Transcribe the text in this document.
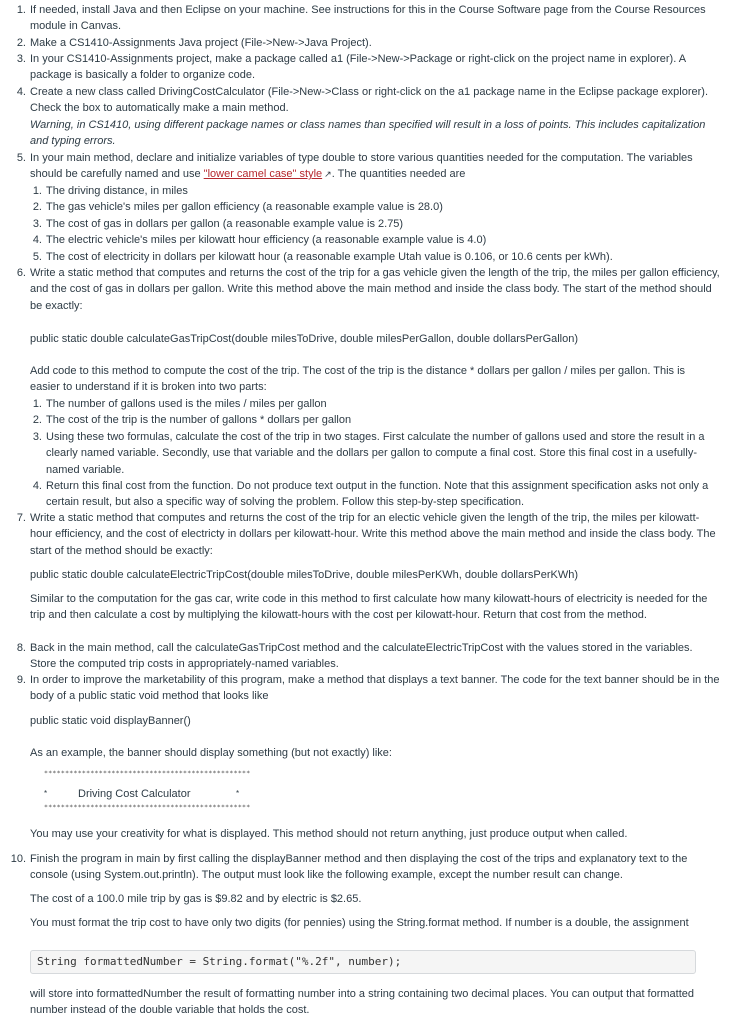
1. If needed, install Java and then Eclipse on your machine. See instructions for this in the Course Software page from the Course Resources module in Canvas.
2. Make a CS1410-Assignments Java project (File->New->Java Project).
3. In your CS1410-Assignments project, make a package called a1 (File->New->Package or right-click on the project name in explorer). A package is basically a folder to organize code.
4. Create a new class called DrivingCostCalculator (File->New->Class or right-click on the a1 package name in the Eclipse package explorer). Check the box to automatically make a main method.
Warning, in CS1410, using different package names or class names than specified will result in a loss of points. This includes capitalization and typing errors.
5. In your main method, declare and initialize variables of type double to store various quantities needed for the computation. The variables should be carefully named and use "lower camel case" style ↗. The quantities needed are
1. The driving distance, in miles
2. The gas vehicle's miles per gallon efficiency (a reasonable example value is 28.0)
3. The cost of gas in dollars per gallon (a reasonable example value is 2.75)
4. The electric vehicle's miles per kilowatt hour efficiency (a reasonable example value is 4.0)
5. The cost of electricity in dollars per kilowatt hour (a reasonable example Utah value is 0.106, or 10.6 cents per kWh).
6. Write a static method that computes and returns the cost of the trip for a gas vehicle given the length of the trip, the miles per gallon efficiency, and the cost of gas in dollars per gallon. Write this method above the main method and inside the class body. The start of the method should be exactly:
public static double calculateGasTripCost(double milesToDrive, double milesPerGallon, double dollarsPerGallon)
Add code to this method to compute the cost of the trip. The cost of the trip is the distance * dollars per gallon / miles per gallon. This is easier to understand if it is broken into two parts:
1. The number of gallons used is the miles / miles per gallon
2. The cost of the trip is the number of gallons * dollars per gallon
3. Using these two formulas, calculate the cost of the trip in two stages. First calculate the number of gallons used and store the result in a clearly named variable. Secondly, use that variable and the dollars per gallon to compute a final cost. Store this final cost in a usefully-named variable.
4. Return this final cost from the function. Do not produce text output in the function. Note that this assignment specification asks not only a certain result, but also a specific way of solving the problem. Follow this step-by-step specification.
7. Write a static method that computes and returns the cost of the trip for an electic vehicle given the length of the trip, the miles per kilowatt-hour efficiency, and the cost of electricty in dollars per kilowatt-hour. Write this method above the main method and inside the class body. The start of the method should be exactly:
public static double calculateElectricTripCost(double milesToDrive, double milesPerKWh, double dollarsPerKWh)
Similar to the computation for the gas car, write code in this method to first calculate how many kilowatt-hours of electricity is needed for the trip and then calculate a cost by multiplying the kilowatt-hours with the cost per kilowatt-hour. Return that cost from the method.
8. Back in the main method, call the calculateGasTripCost method and the calculateElectricTripCost with the values stored in the variables. Store the computed trip costs in appropriately-named variables.
9. In order to improve the marketability of this program, make a method that displays a text banner. The code for the text banner should be in the body of a public static void method that looks like
public static void displayBanner()
As an example, the banner should display something (but not exactly) like:
*************************************************
*	Driving Cost Calculator	*
*************************************************
You may use your creativity for what is displayed. This method should not return anything, just produce output when called.
10. Finish the program in main by first calling the displayBanner method and then displaying the cost of the trips and explanatory text to the console (using System.out.println). The output must look like the following example, except the number result can change.
The cost of a 100.0 mile trip by gas is $9.82 and by electric is $2.65.
You must format the trip cost to have only two digits (for pennies) using the String.format method. If number is a double, the assignment
String formattedNumber = String.format("%.2f", number);
will store into formattedNumber the result of formatting number into a string containing two decimal places. You can output that formatted number instead of the double variable that holds the cost.
